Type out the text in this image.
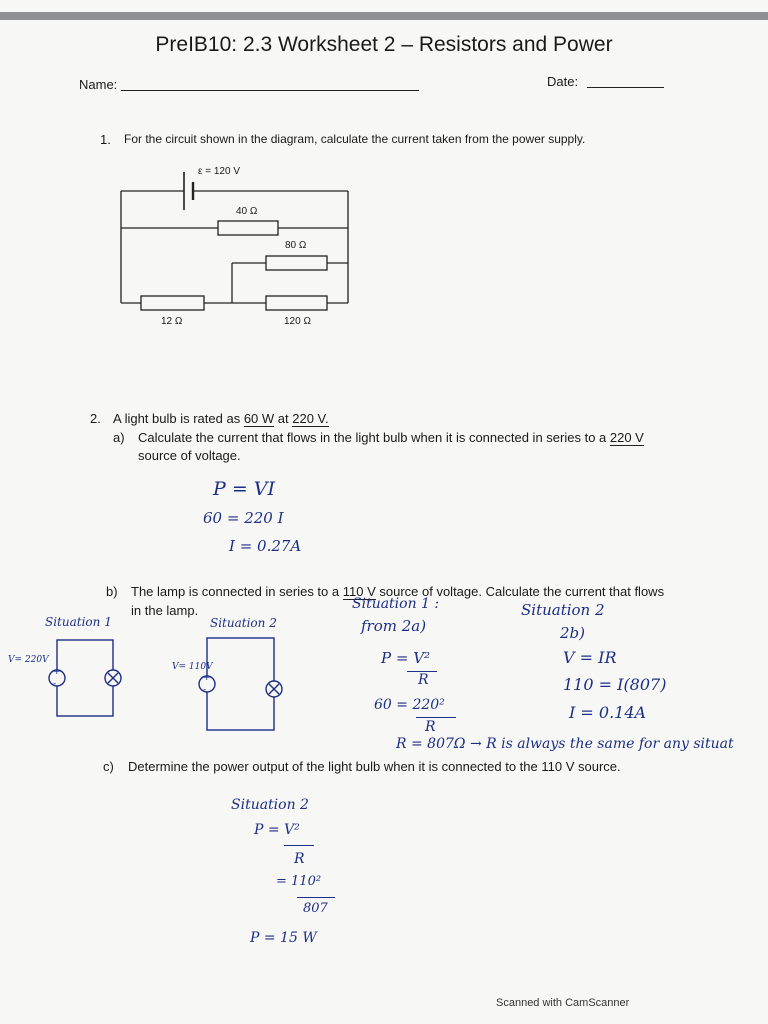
PreIB10: 2.3 Worksheet 2 – Resistors and Power
Name:	Date:
1. For the circuit shown in the diagram, calculate the current taken from the power supply.
ε = 120 V
40 Ω
80 Ω
12 Ω	120 Ω
2. A light bulb is rated as 60 W at 220 V.
a) Calculate the current that flows in the light bulb when it is connected in series to a 220 V
source of voltage.
P = VI
60 = 220 I
I = 0.27A
b) The lamp is connected in series to a 110 V source of voltage. Calculate the current that flows
in the lamp.
Situation 1
V= 220V
Situation 2
V= 110V
+
-
+
-
Situation 1 :
from 2a)
P = V²
R
60 = 220²
R
R = 807Ω → R is always the same for any situat
Situation 2
2b)
V = IR
110 = I(807)
I = 0.14A
c) Determine the power output of the light bulb when it is connected to the 110 V source.
Situation 2
P = V²
R
= 110²
807
P = 15 W
Scanned with CamScanner
